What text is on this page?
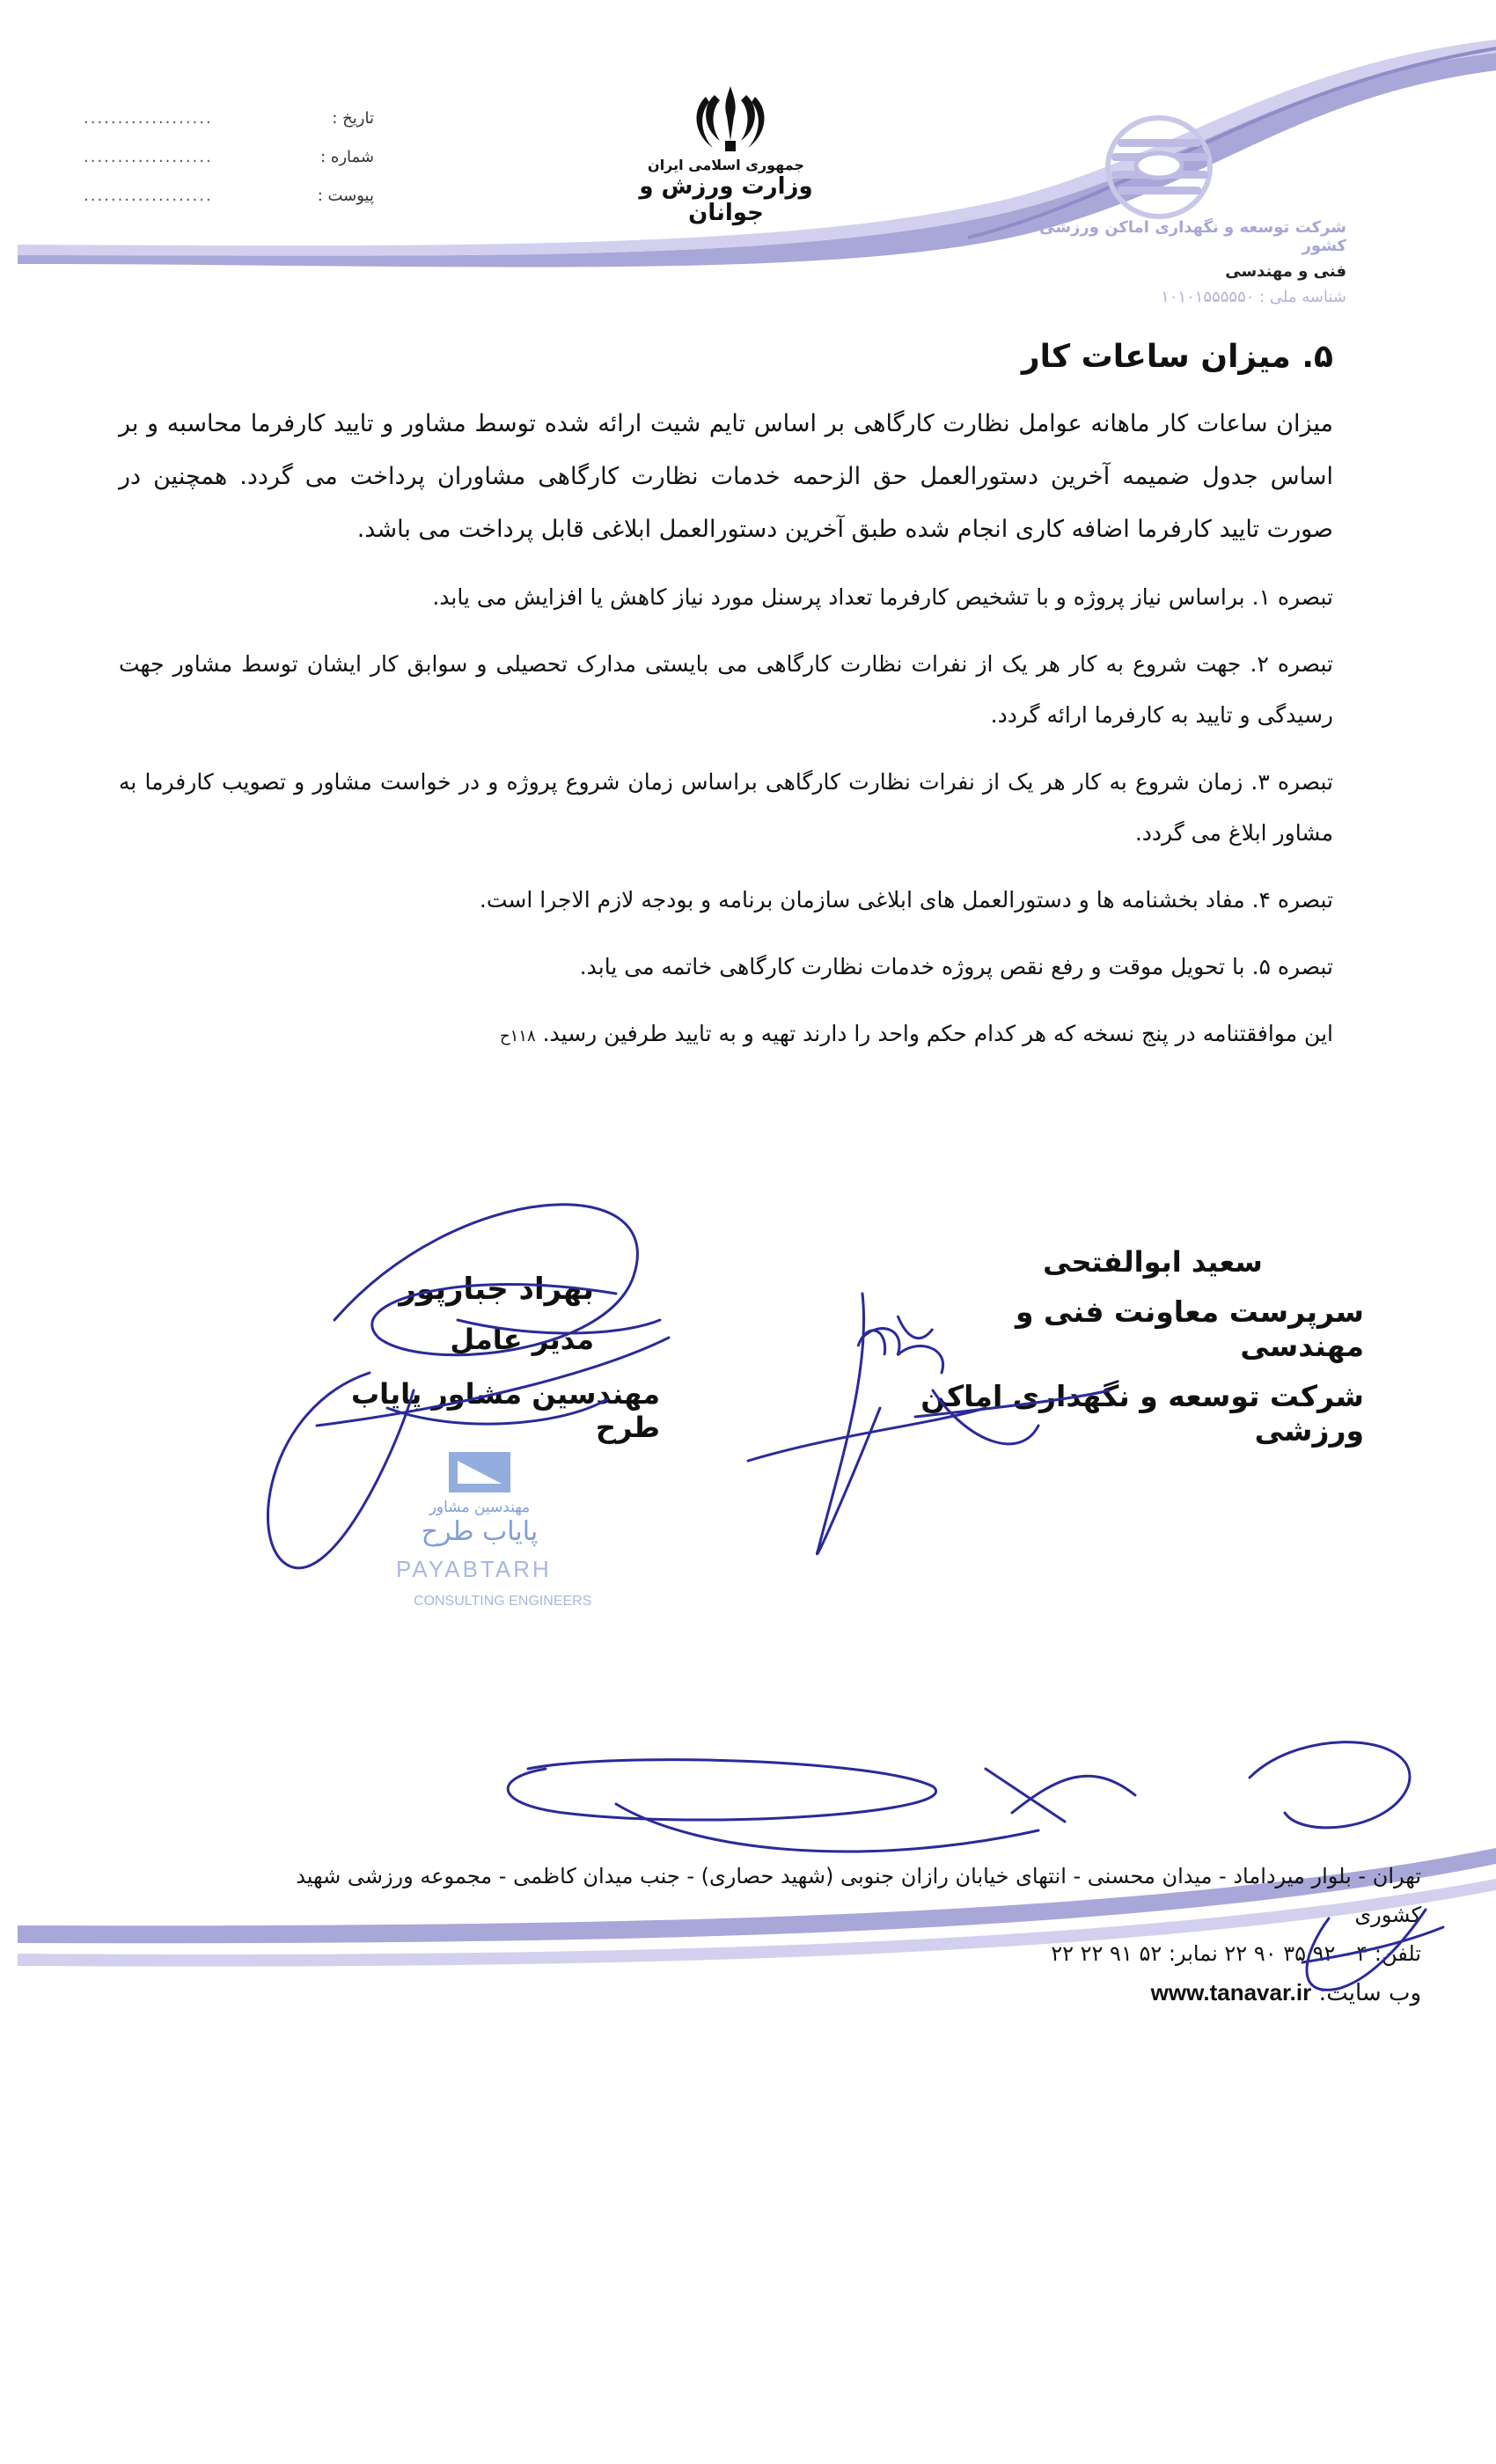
تاریخ :
...................
شماره :
...................
پیوست :
...................
جمهوری اسلامی ایران
وزارت ورزش و جوانان
شرکت توسعه و نگهداری اماکن ورزشی کشور
فنی و مهندسی
شناسه ملی : ۱۰۱۰۱۵۵۵۵۵۰
۵. میزان ساعات کار

میزان ساعات کار ماهانه عوامل نظارت کارگاهی بر اساس تایم شیت ارائه شده توسط مشاور و تایید کارفرما محاسبه و بر اساس جدول ضمیمه آخرین دستورالعمل حق الزحمه خدمات نظارت کارگاهی مشاوران پرداخت می گردد. همچنین در صورت تایید کارفرما اضافه کاری انجام شده طبق آخرین دستورالعمل ابلاغی قابل پرداخت می باشد.

تبصره ۱. براساس نیاز پروژه و با تشخیص کارفرما تعداد پرسنل مورد نیاز کاهش یا افزایش می یابد.

تبصره ۲. جهت شروع به کار هر یک از نفرات نظارت کارگاهی می بایستی مدارک تحصیلی و سوابق کار ایشان توسط مشاور جهت رسیدگی و تایید به کارفرما ارائه گردد.

تبصره ۳. زمان شروع به کار هر یک از نفرات نظارت کارگاهی براساس زمان شروع پروژه و در خواست مشاور و تصویب کارفرما به مشاور ابلاغ می گردد.

تبصره ۴. مفاد بخشنامه ها و دستورالعمل های ابلاغی سازمان برنامه و بودجه لازم الاجرا است.

تبصره ۵. با تحویل موقت و رفع نقص پروژه خدمات نظارت کارگاهی خاتمه می یابد.

این موافقتنامه در پنج نسخه که هر کدام حکم واحد را دارند تهیه و به تایید طرفین رسید. ۱۱۸ح

سعید ابوالفتحی
سرپرست معاونت فنی و مهندسی
شرکت توسعه و نگهداری اماکن ورزشی
بهراد جبارپور
مدیر عامل
مهندسین مشاور پایاب طرح
مهندسین مشاور
پایاب طرح
PAYABTARH
CONSULTING ENGINEERS
تهران - بلوار میرداماد - میدان محسنی - انتهای خیابان رازان جنوبی (شهید حصاری) - جنب میدان کاظمی - مجموعه ورزشی شهید کشوری
تلفن: ۴ - ۹۲ ۳۵ ۹۰ ۲۲ نمابر: ۵۲ ۹۱ ۲۲ ۲۲
وب سایت: www.tanavar.ir
